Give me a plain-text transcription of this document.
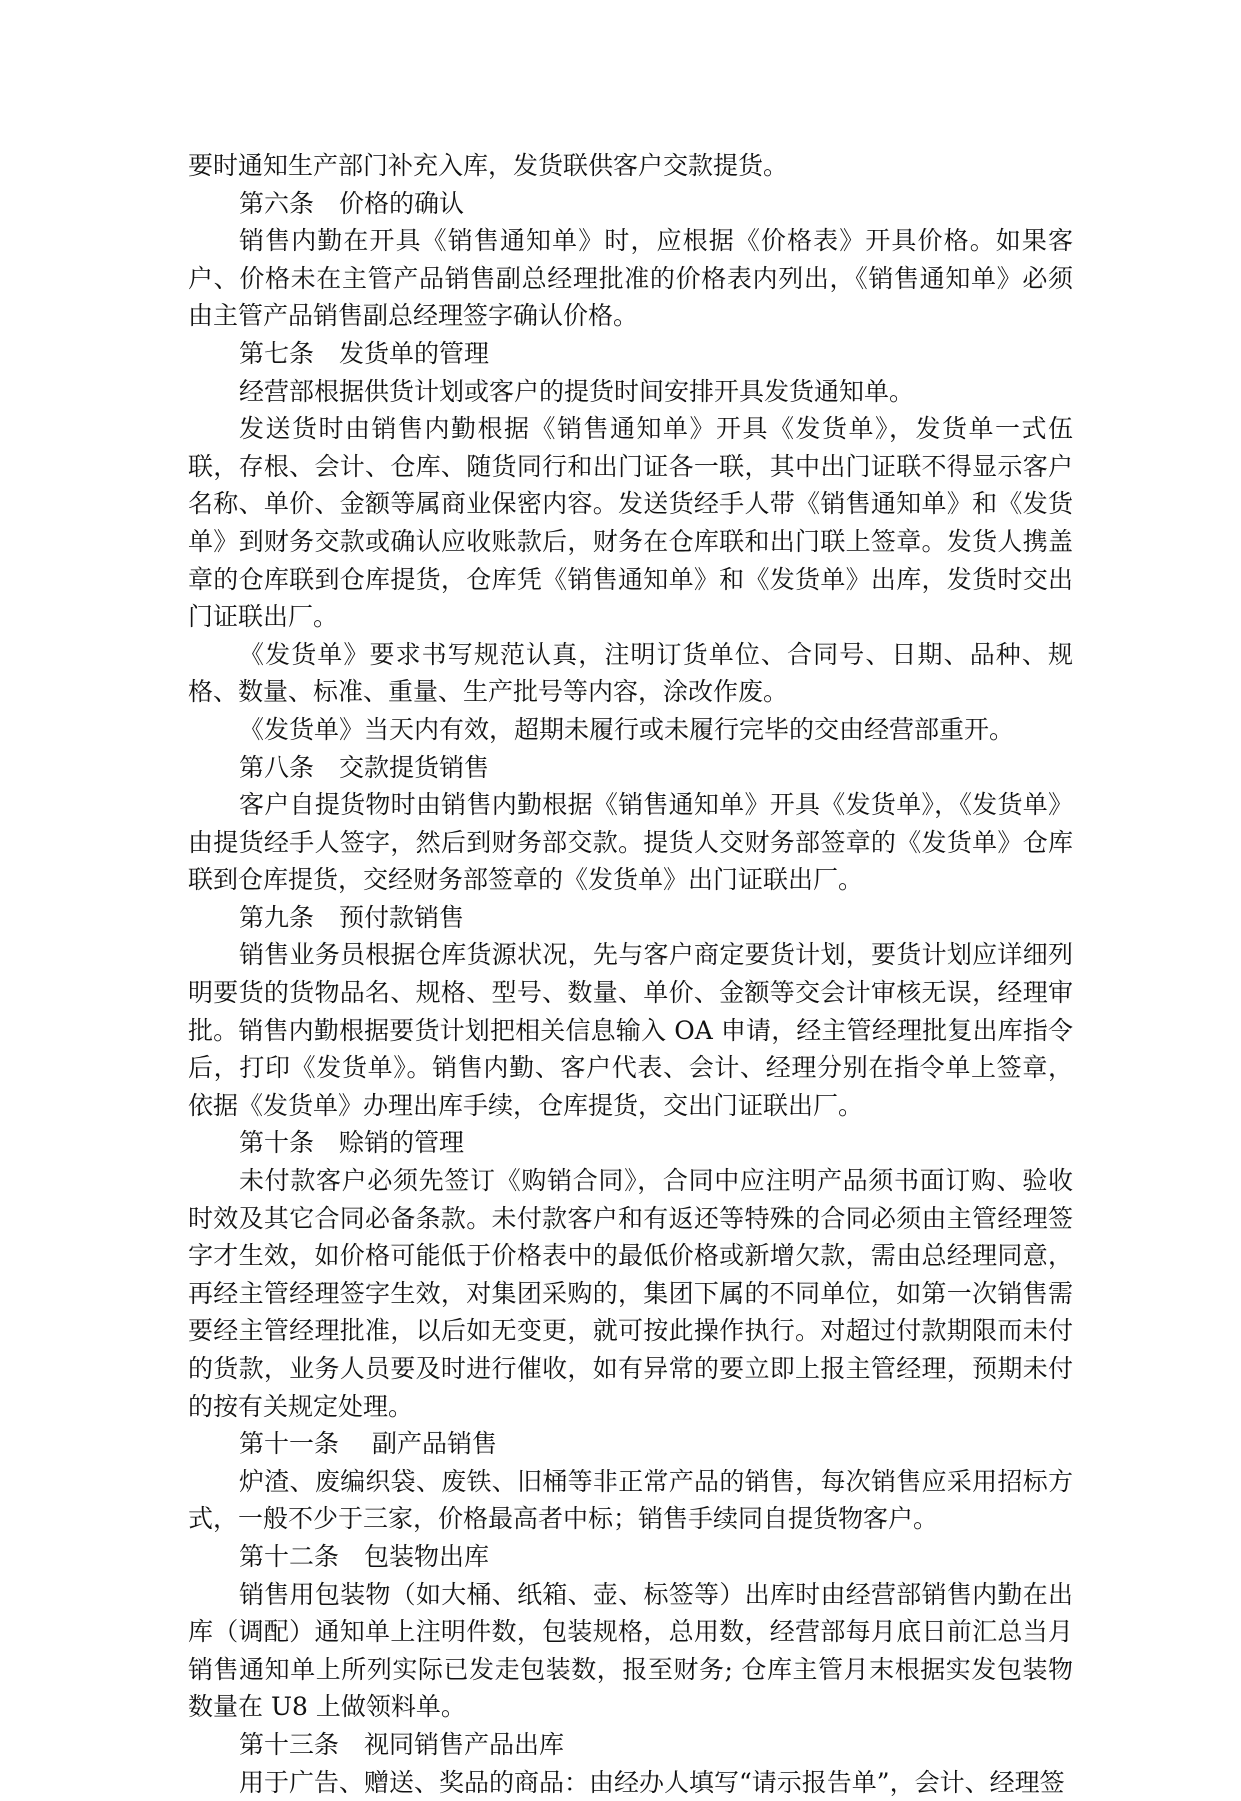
要时通知生产部门补充入库，发货联供客户交款提货。

第六条　价格的确认

销售内勤在开具《销售通知单》时，应根据《价格表》开具价格。如果客户、价格未在主管产品销售副总经理批准的价格表内列出，《销售通知单》必须由主管产品销售副总经理签字确认价格。

第七条　发货单的管理

经营部根据供货计划或客户的提货时间安排开具发货通知单。

发送货时由销售内勤根据《销售通知单》开具《发货单》，发货单一式伍联，存根、会计、仓库、随货同行和出门证各一联，其中出门证联不得显示客户名称、单价、金额等属商业保密内容。发送货经手人带《销售通知单》和《发货单》到财务交款或确认应收账款后，财务在仓库联和出门联上签章。发货人携盖章的仓库联到仓库提货，仓库凭《销售通知单》和《发货单》出库，发货时交出门证联出厂。

《发货单》要求书写规范认真，注明订货单位、合同号、日期、品种、规格、数量、标准、重量、生产批号等内容，涂改作废。

《发货单》当天内有效，超期未履行或未履行完毕的交由经营部重开。

第八条　交款提货销售

客户自提货物时由销售内勤根据《销售通知单》开具《发货单》，《发货单》由提货经手人签字，然后到财务部交款。提货人交财务部签章的《发货单》仓库联到仓库提货，交经财务部签章的《发货单》出门证联出厂。

第九条　预付款销售

销售业务员根据仓库货源状况，先与客户商定要货计划，要货计划应详细列明要货的货物品名、规格、型号、数量、单价、金额等交会计审核无误，经理审批。销售内勤根据要货计划把相关信息输入 OA 申请，经主管经理批复出库指令后，打印《发货单》。销售内勤、客户代表、会计、经理分别在指令单上签章，依据《发货单》办理出库手续，仓库提货，交出门证联出厂。

第十条　赊销的管理

未付款客户必须先签订《购销合同》，合同中应注明产品须书面订购、验收时效及其它合同必备条款。未付款客户和有返还等特殊的合同必须由主管经理签字才生效，如价格可能低于价格表中的最低价格或新增欠款，需由总经理同意，再经主管经理签字生效，对集团采购的，集团下属的不同单位，如第一次销售需要经主管经理批准，以后如无变更，就可按此操作执行。对超过付款期限而未付的货款，业务人员要及时进行催收，如有异常的要立即上报主管经理，预期未付的按有关规定处理。

第十一条　 副产品销售

炉渣、废编织袋、废铁、旧桶等非正常产品的销售，每次销售应采用招标方式，一般不少于三家，价格最高者中标；销售手续同自提货物客户。

第十二条　包装物出库

销售用包装物（如大桶、纸箱、壶、标签等）出库时由经营部销售内勤在出库（调配）通知单上注明件数，包装规格，总用数，经营部每月底日前汇总当月销售通知单上所列实际已发走包装数，报至财务; 仓库主管月末根据实发包装物数量在 U8 上做领料单。

第十三条　视同销售产品出库

用于广告、赠送、奖品的商品：由经办人填写“请示报告单”，会计、经理签
